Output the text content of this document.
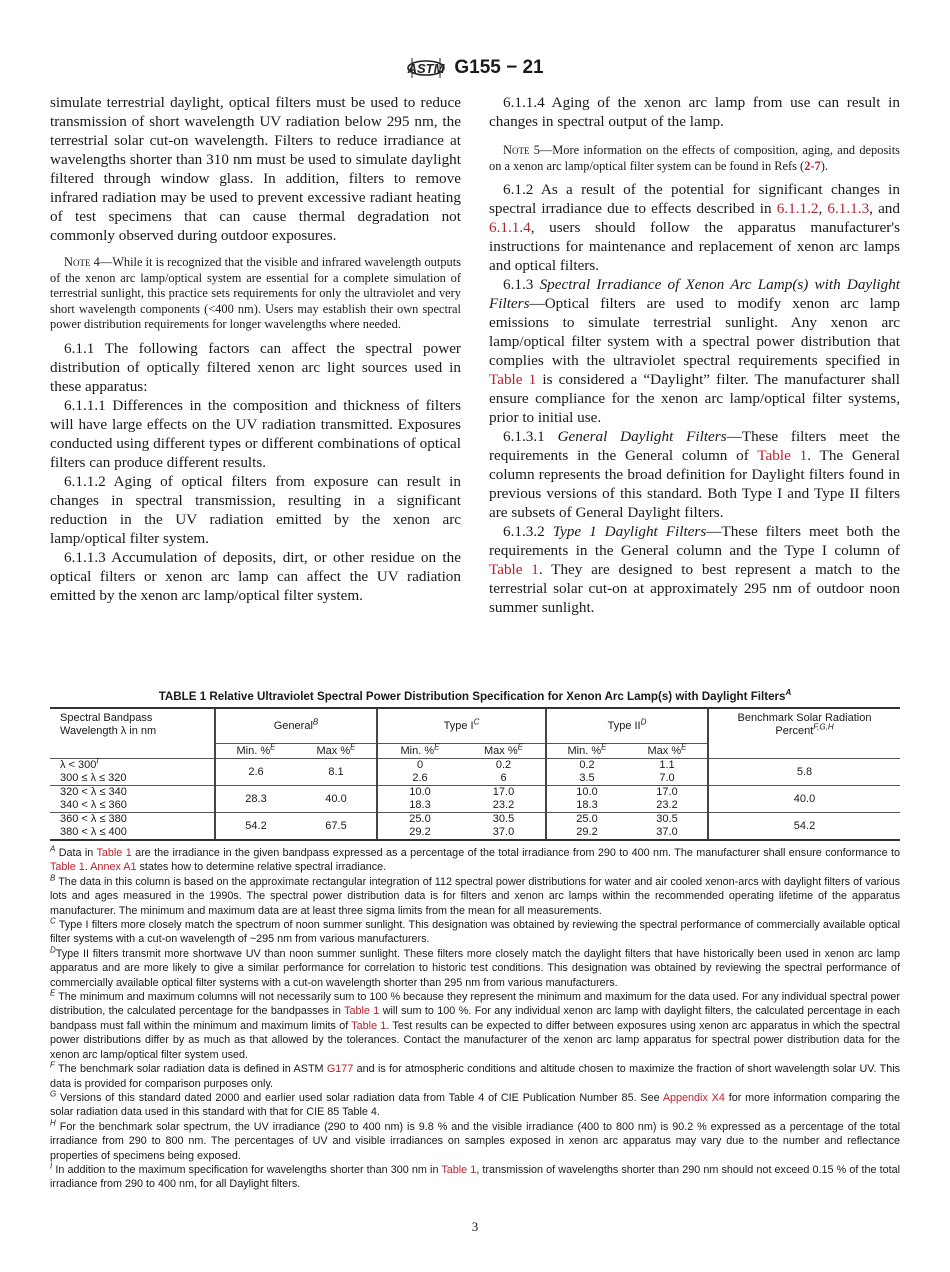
ASTM G155 − 21

simulate terrestrial daylight, optical filters must be used to reduce transmission of short wavelength UV radiation below 295 nm, the terrestrial solar cut-on wavelength. Filters to reduce irradiance at wavelengths shorter than 310 nm must be used to simulate daylight filtered through window glass. In addition, filters to remove infrared radiation may be used to prevent excessive radiant heating of test specimens that can cause thermal degradation not commonly observed during outdoor exposures.

Note 4—While it is recognized that the visible and infrared wavelength outputs of the xenon arc lamp/optical system are essential for a complete simulation of terrestrial sunlight, this practice sets requirements for only the ultraviolet and very short wavelength components (<400 nm). Users may establish their own spectral power distribution requirements for longer wavelengths where needed.

6.1.1 The following factors can affect the spectral power distribution of optically filtered xenon arc light sources used in these apparatus:

6.1.1.1 Differences in the composition and thickness of filters will have large effects on the UV radiation transmitted. Exposures conducted using different types or different combinations of optical filters can produce different results.

6.1.1.2 Aging of optical filters from exposure can result in changes in spectral transmission, resulting in a significant reduction in the UV radiation emitted by the xenon arc lamp/optical filter system.

6.1.1.3 Accumulation of deposits, dirt, or other residue on the optical filters or xenon arc lamp can affect the UV radiation emitted by the xenon arc lamp/optical filter system.

6.1.1.4 Aging of the xenon arc lamp from use can result in changes in spectral output of the lamp.

Note 5—More information on the effects of composition, aging, and deposits on a xenon arc lamp/optical filter system can be found in Refs (2-7).

6.1.2 As a result of the potential for significant changes in spectral irradiance due to effects described in 6.1.1.2, 6.1.1.3, and 6.1.1.4, users should follow the apparatus manufacturer's instructions for maintenance and replacement of xenon arc lamps and optical filters.

6.1.3 Spectral Irradiance of Xenon Arc Lamp(s) with Daylight Filters—Optical filters are used to modify xenon arc lamp emissions to simulate terrestrial sunlight. Any xenon arc lamp/optical filter system with a spectral power distribution that complies with the ultraviolet spectral requirements specified in Table 1 is considered a “Daylight” filter. The manufacturer shall ensure compliance for the xenon arc lamp/optical filter systems, prior to initial use.

6.1.3.1 General Daylight Filters—These filters meet the requirements in the General column of Table 1. The General column represents the broad definition for Daylight filters found in previous versions of this standard. Both Type I and Type II filters are subsets of General Daylight filters.

6.1.3.2 Type 1 Daylight Filters—These filters meet both the requirements in the General column and the Type I column of Table 1. They are designed to best represent a match to the terrestrial solar cut-on at approximately 295 nm of outdoor noon summer sunlight.

TABLE 1 Relative Ultraviolet Spectral Power Distribution Specification for Xenon Arc Lamp(s) with Daylight Filters$^A$
Spectral Bandpass
Wavelength λ in nm	General$^B$	Type $I^C$	Type $II^D$	Benchmark Solar Radiation
Percent$^{F,G,H}$

	Min. %$^E$	Max %$^E$	Min. %$^E$	Max %$^E$	Min. %$^E$	Max %$^E$
$\lambda < 300^I$	2.6	8.1	0	0.2	0.2	1.1	5.8
300 ≤ λ ≤ 320			2.6	6	3.5	7.0	
320 < λ ≤ 340	28.3	40.0	10.0	17.0	10.0	17.0	40.0
340 < λ ≤ 360			18.3	23.2	18.3	23.2	
360 < λ ≤ 380	54.2	67.5	25.0	30.5	25.0	30.5	54.2
380 < λ ≤ 400			29.2	37.0	29.2	37.0	

$^A$ Data in Table 1 are the irradiance in the given bandpass expressed as a percentage of the total irradiance from 290 to 400 nm. The manufacturer shall ensure conformance to Table 1. Annex A1 states how to determine relative spectral irradiance.

$^B$ The data in this column is based on the approximate rectangular integration of 112 spectral power distributions for water and air cooled xenon-arcs with daylight filters of various lots and ages measured in the 1990s. The spectral power distribution data is for filters and xenon arc lamps within the recommended operating lifetime of the apparatus manufacturer. The minimum and maximum data are at least three sigma limits from the mean for all measurements.

$^C$ Type I filters more closely match the spectrum of noon summer sunlight. This designation was obtained by reviewing the spectral performance of commercially available optical filter systems with a cut-on wavelength of ~295 nm from various manufacturers.

$^D$Type II filters transmit more shortwave UV than noon summer sunlight. These filters more closely match the daylight filters that have historically been used in xenon arc lamp apparatus and are more likely to give a similar performance for correlation to historic test conditions. This designation was obtained by reviewing the spectral performance of commercially available optical filter systems with a cut-on wavelength shorter than 295 nm from various manufacturers.

$^E$ The minimum and maximum columns will not necessarily sum to 100 % because they represent the minimum and maximum for the data used. For any individual spectral power distribution, the calculated percentage for the bandpasses in Table 1 will sum to 100 %. For any individual xenon arc lamp with daylight filters, the calculated percentage in each bandpass must fall within the minimum and maximum limits of Table 1. Test results can be expected to differ between exposures using xenon arc apparatus in which the spectral power distributions differ by as much as that allowed by the tolerances. Contact the manufacturer of the xenon arc lamp apparatus for spectral power distribution data for the xenon arc lamp/optical filter system used.

$^F$ The benchmark solar radiation data is defined in ASTM G177 and is for atmospheric conditions and altitude chosen to maximize the fraction of short wavelength solar UV. This data is provided for comparison purposes only.

$^G$ Versions of this standard dated 2000 and earlier used solar radiation data from Table 4 of CIE Publication Number 85. See Appendix X4 for more information comparing the solar radiation data used in this standard with that for CIE 85 Table 4.

$^H$ For the benchmark solar spectrum, the UV irradiance (290 to 400 nm) is 9.8 % and the visible irradiance (400 to 800 nm) is 90.2 % expressed as a percentage of the total irradiance from 290 to 800 nm. The percentages of UV and visible irradiances on samples exposed in xenon arc apparatus may vary due to the number and reflectance properties of specimens being exposed.

$^I$ In addition to the maximum specification for wavelengths shorter than 300 nm in Table 1, transmission of wavelengths shorter than 290 nm should not exceed 0.15 % of the total irradiance from 290 to 400 nm, for all Daylight filters.

3
